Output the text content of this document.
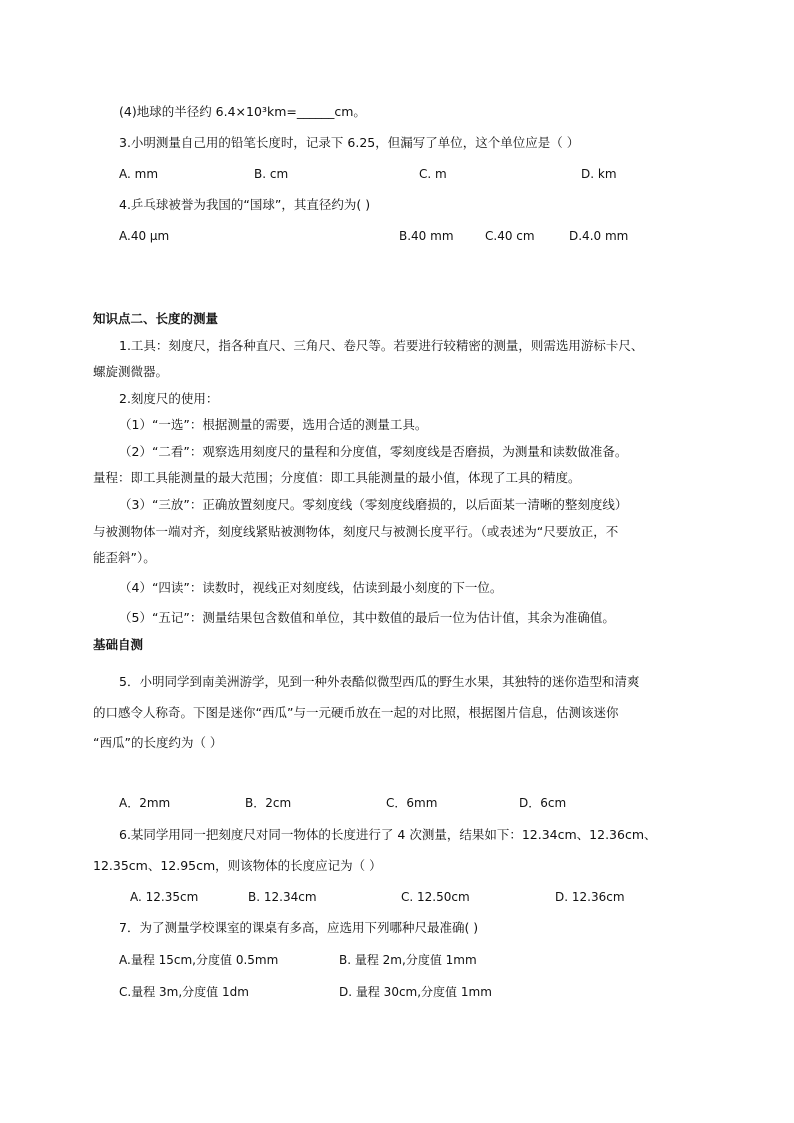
(4)地球的半径约 6.4×10³km=______cm。
3.小明测量自己用的铅笔长度时，记录下 6.25，但漏写了单位，这个单位应是（ ）
A. mm	B. cm	C. m	D. km
4.乒乓球被誉为我国的“国球”，其直径约为( )
A.40 μm	B.40 mm	C.40 cm	D.4.0 mm
知识点二、长度的测量
1.工具：刻度尺，指各种直尺、三角尺、卷尺等。若要进行较精密的测量，则需选用游标卡尺、
螺旋测微器。
2.刻度尺的使用：
（1）“一选”：根据测量的需要，选用合适的测量工具。
（2）“二看”：观察选用刻度尺的量程和分度值，零刻度线是否磨损，为测量和读数做准备。
量程：即工具能测量的最大范围；分度值：即工具能测量的最小值，体现了工具的精度。
（3）“三放”：正确放置刻度尺。零刻度线（零刻度线磨损的，以后面某一清晰的整刻度线）
与被测物体一端对齐，刻度线紧贴被测物体，刻度尺与被测长度平行。（或表述为“尺要放正，不
能歪斜”）。
（4）“四读”：读数时，视线正对刻度线，估读到最小刻度的下一位。
（5）“五记”：测量结果包含数值和单位，其中数值的最后一位为估计值，其余为准确值。
基础自测
5．小明同学到南美洲游学，见到一种外表酷似微型西瓜的野生水果，其独特的迷你造型和清爽
的口感令人称奇。下图是迷你“西瓜”与一元硬币放在一起的对比照，根据图片信息，估测该迷你
“西瓜”的长度约为（ ）
A．2mm	B．2cm	C．6mm	D．6cm
6.某同学用同一把刻度尺对同一物体的长度进行了 4 次测量，结果如下：12.34cm、12.36cm、
12.35cm、12.95cm，则该物体的长度应记为（ ）
A. 12.35cm	B. 12.34cm	C. 12.50cm	D. 12.36cm
7．为了测量学校课室的课桌有多高，应选用下列哪种尺最准确( )
A.量程 15cm,分度值 0.5mm	B. 量程 2m,分度值 1mm
C.量程 3m,分度值 1dm	D. 量程 30cm,分度值 1mm
